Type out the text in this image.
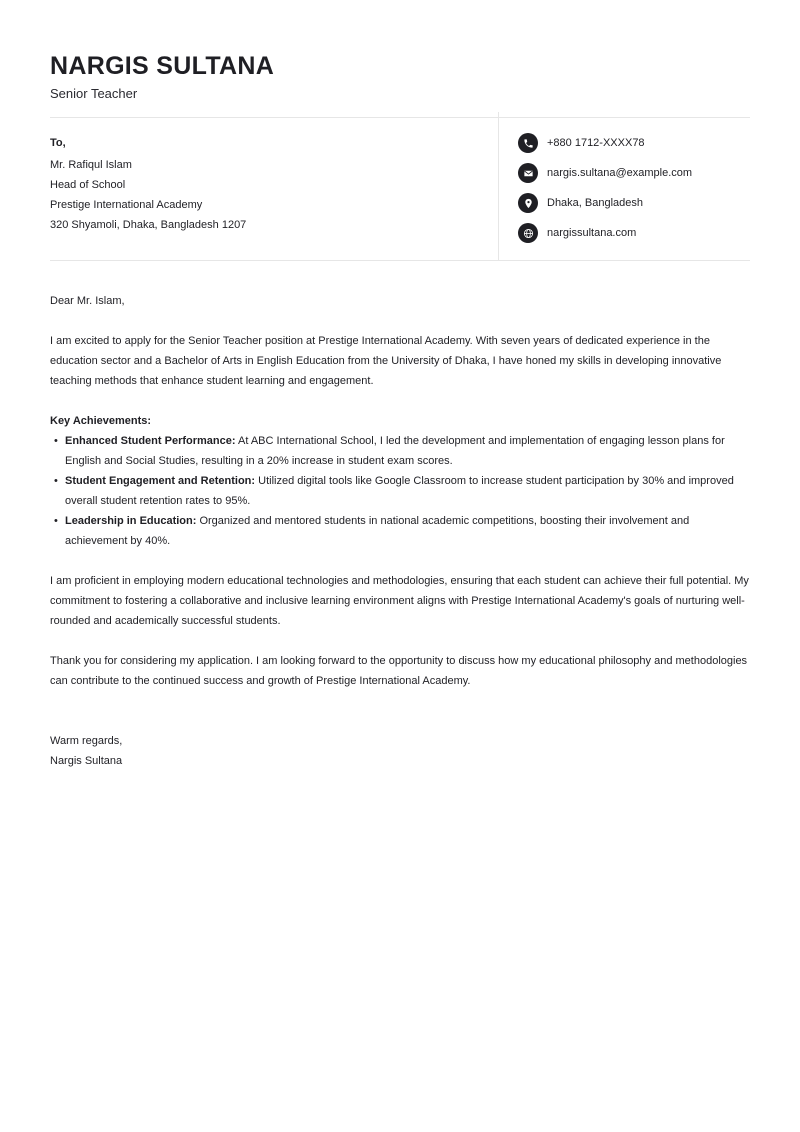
NARGIS SULTANA
Senior Teacher
To,
Mr. Rafiqul Islam
Head of School
Prestige International Academy
320 Shyamoli, Dhaka, Bangladesh 1207
+880 1712-XXXX78
nargis.sultana@example.com
Dhaka, Bangladesh
nargissultana.com

Dear Mr. Islam,

I am excited to apply for the Senior Teacher position at Prestige International Academy. With seven years of dedicated experience in the education sector and a Bachelor of Arts in English Education from the University of Dhaka, I have honed my skills in developing innovative teaching methods that enhance student learning and engagement.

Key Achievements:
• Enhanced Student Performance: At ABC International School, I led the development and implementation of engaging lesson plans for English and Social Studies, resulting in a 20% increase in student exam scores.
• Student Engagement and Retention: Utilized digital tools like Google Classroom to increase student participation by 30% and improved overall student retention rates to 95%.
• Leadership in Education: Organized and mentored students in national academic competitions, boosting their involvement and achievement by 40%.

I am proficient in employing modern educational technologies and methodologies, ensuring that each student can achieve their full potential. My commitment to fostering a collaborative and inclusive learning environment aligns with Prestige International Academy's goals of nurturing well-rounded and academically successful students.

Thank you for considering my application. I am looking forward to the opportunity to discuss how my educational philosophy and methodologies can contribute to the continued success and growth of Prestige International Academy.

Warm regards,
Nargis Sultana
